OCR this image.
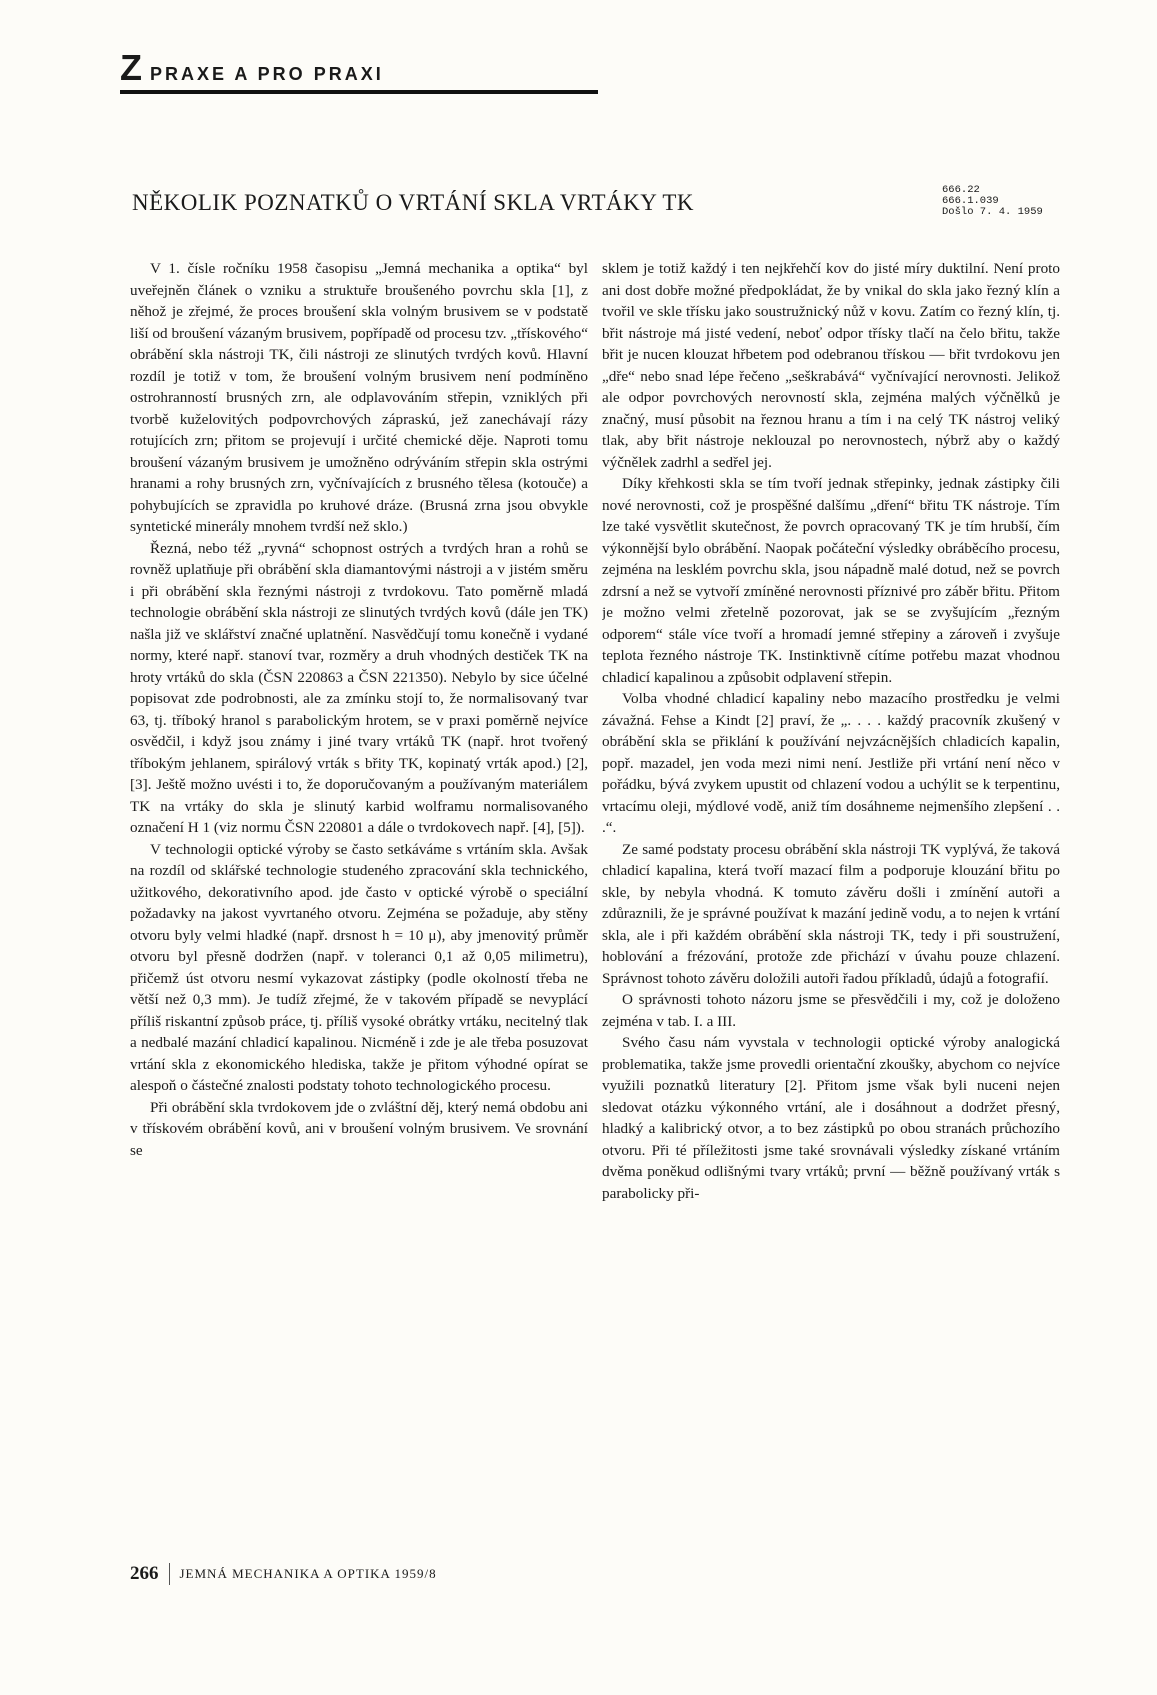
ZPRAXE A PRO PRAXI
NĚKOLIK POZNATKŮ O VRTÁNÍ SKLA VRTÁKY TK	666.22
666.1.039
Došlo 7. 4. 1959

V 1. čísle ročníku 1958 časopisu „Jemná mechanika a optika“ byl uveřejněn článek o vzniku a struktuře broušeného povrchu skla [1], z něhož je zřejmé, že proces broušení skla volným brusivem se v podstatě liší od broušení vázaným brusivem, popřípadě od procesu tzv. „třískového“ obrábění skla nástroji TK, čili nástroji ze slinutých tvrdých kovů. Hlavní rozdíl je totiž v tom, že broušení volným brusivem není podmíněno ostrohranností brusných zrn, ale odplavováním střepin, vzniklých při tvorbě kuželovitých podpovrchových zápraskú, jež zanechávají rázy rotujících zrn; přitom se projevují i určité chemické děje. Naproti tomu broušení vázaným brusivem je umožněno odrýváním střepin skla ostrými hranami a rohy brusných zrn, vyčnívajících z brusného tělesa (kotouče) a pohybujících se zpravidla po kruhové dráze. (Brusná zrna jsou obvykle syntetické minerály mnohem tvrdší než sklo.)

Řezná, nebo též „ryvná“ schopnost ostrých a tvrdých hran a rohů se rovněž uplatňuje při obrábění skla diamantovými nástroji a v jistém směru i při obrábění skla řeznými nástroji z tvrdokovu. Tato poměrně mladá technologie obrábění skla nástroji ze slinutých tvrdých kovů (dále jen TK) našla již ve sklářství značné uplatnění. Nasvědčují tomu konečně i vydané normy, které např. stanoví tvar, rozměry a druh vhodných destiček TK na hroty vrtáků do skla (ČSN 220863 a ČSN 221350). Nebylo by sice účelné popisovat zde podrobnosti, ale za zmínku stojí to, že normalisovaný tvar 63, tj. tříboký hranol s parabolickým hrotem, se v praxi poměrně nejvíce osvědčil, i když jsou známy i jiné tvary vrtáků TK (např. hrot tvořený tříbokým jehlanem, spirálový vrták s břity TK, kopinatý vrták apod.) [2], [3]. Ještě možno uvésti i to, že doporučovaným a používaným materiálem TK na vrtáky do skla je slinutý karbid wolframu normalisovaného označení H 1 (viz normu ČSN 220801 a dále o tvrdokovech např. [4], [5]).

V technologii optické výroby se často setkáváme s vrtáním skla. Avšak na rozdíl od sklářské technologie studeného zpracování skla technického, užitkového, dekorativního apod. jde často v optické výrobě o speciální požadavky na jakost vyvrtaného otvoru. Zejména se požaduje, aby stěny otvoru byly velmi hladké (např. drsnost h = 10 μ), aby jmenovitý průměr otvoru byl přesně dodržen (např. v toleranci 0,1 až 0,05 milimetru), přičemž úst otvoru nesmí vykazovat zástipky (podle okolností třeba ne větší než 0,3 mm). Je tudíž zřejmé, že v takovém případě se nevyplácí příliš riskantní způsob práce, tj. příliš vysoké obrátky vrtáku, necitelný tlak a nedbalé mazání chladicí kapalinou. Nicméně i zde je ale třeba posuzovat vrtání skla z ekonomického hlediska, takže je přitom výhodné opírat se alespoň o částečné znalosti podstaty tohoto technologického procesu.

Při obrábění skla tvrdokovem jde o zvláštní děj, který nemá obdobu ani v třískovém obrábění kovů, ani v broušení volným brusivem. Ve srovnání se

sklem je totiž každý i ten nejkřehčí kov do jisté míry duktilní. Není proto ani dost dobře možné předpokládat, že by vnikal do skla jako řezný klín a tvořil ve skle třísku jako soustružnický nůž v kovu. Zatím co řezný klín, tj. břit nástroje má jisté vedení, neboť odpor třísky tlačí na čelo břitu, takže břit je nucen klouzat hřbetem pod odebranou třískou — břit tvrdokovu jen „dře“ nebo snad lépe řečeno „seškrabává“ vyčnívající nerovnosti. Jelikož ale odpor povrchových nerovností skla, zejména malých výčnělků je značný, musí působit na řeznou hranu a tím i na celý TK nástroj veliký tlak, aby břit nástroje neklouzal po nerovnostech, nýbrž aby o každý výčnělek zadrhl a sedřel jej.

Díky křehkosti skla se tím tvoří jednak střepinky, jednak zástipky čili nové nerovnosti, což je prospěšné dalšímu „dření“ břitu TK nástroje. Tím lze také vysvětlit skutečnost, že povrch opracovaný TK je tím hrubší, čím výkonnější bylo obrábění. Naopak počáteční výsledky obráběcího procesu, zejména na lesklém povrchu skla, jsou nápadně malé dotud, než se povrch zdrsní a než se vytvoří zmíněné nerovnosti příznivé pro záběr břitu. Přitom je možno velmi zřetelně pozorovat, jak se se zvyšujícím „řezným odporem“ stále více tvoří a hromadí jemné střepiny a zároveň i zvyšuje teplota řezného nástroje TK. Instinktivně cítíme potřebu mazat vhodnou chladicí kapalinou a způsobit odplavení střepin.

Volba vhodné chladicí kapaliny nebo mazacího prostředku je velmi závažná. Fehse a Kindt [2] praví, že „. . . . každý pracovník zkušený v obrábění skla se přiklání k používání nejvzácnějších chladicích kapalin, popř. mazadel, jen voda mezi nimi není. Jestliže při vrtání není něco v pořádku, bývá zvykem upustit od chlazení vodou a uchýlit se k terpentinu, vrtacímu oleji, mýdlové vodě, aniž tím dosáhneme nejmenšího zlepšení . . .“.

Ze samé podstaty procesu obrábění skla nástroji TK vyplývá, že taková chladicí kapalina, která tvoří mazací film a podporuje klouzání břitu po skle, by nebyla vhodná. K tomuto závěru došli i zmínění autoři a zdůraznili, že je správné používat k mazání jedině vodu, a to nejen k vrtání skla, ale i při každém obrábění skla nástroji TK, tedy i při soustružení, hoblování a frézování, protože zde přichází v úvahu pouze chlazení. Správnost tohoto závěru doložili autoři řadou příkladů, údajů a fotografií.

O správnosti tohoto názoru jsme se přesvědčili i my, což je doloženo zejména v tab. I. a III.

Svého času nám vyvstala v technologii optické výroby analogická problematika, takže jsme provedli orientační zkoušky, abychom co nejvíce využili poznatků literatury [2]. Přitom jsme však byli nuceni nejen sledovat otázku výkonného vrtání, ale i dosáhnout a dodržet přesný, hladký a kalibrický otvor, a to bez zástipků po obou stranách průchozího otvoru. Při té příležitosti jsme také srovnávali výsledky získané vrtáním dvěma poněkud odlišnými tvary vrtáků; první — běžně používaný vrták s parabolicky při-

266 JEMNÁ MECHANIKA A OPTIKA 1959/8
